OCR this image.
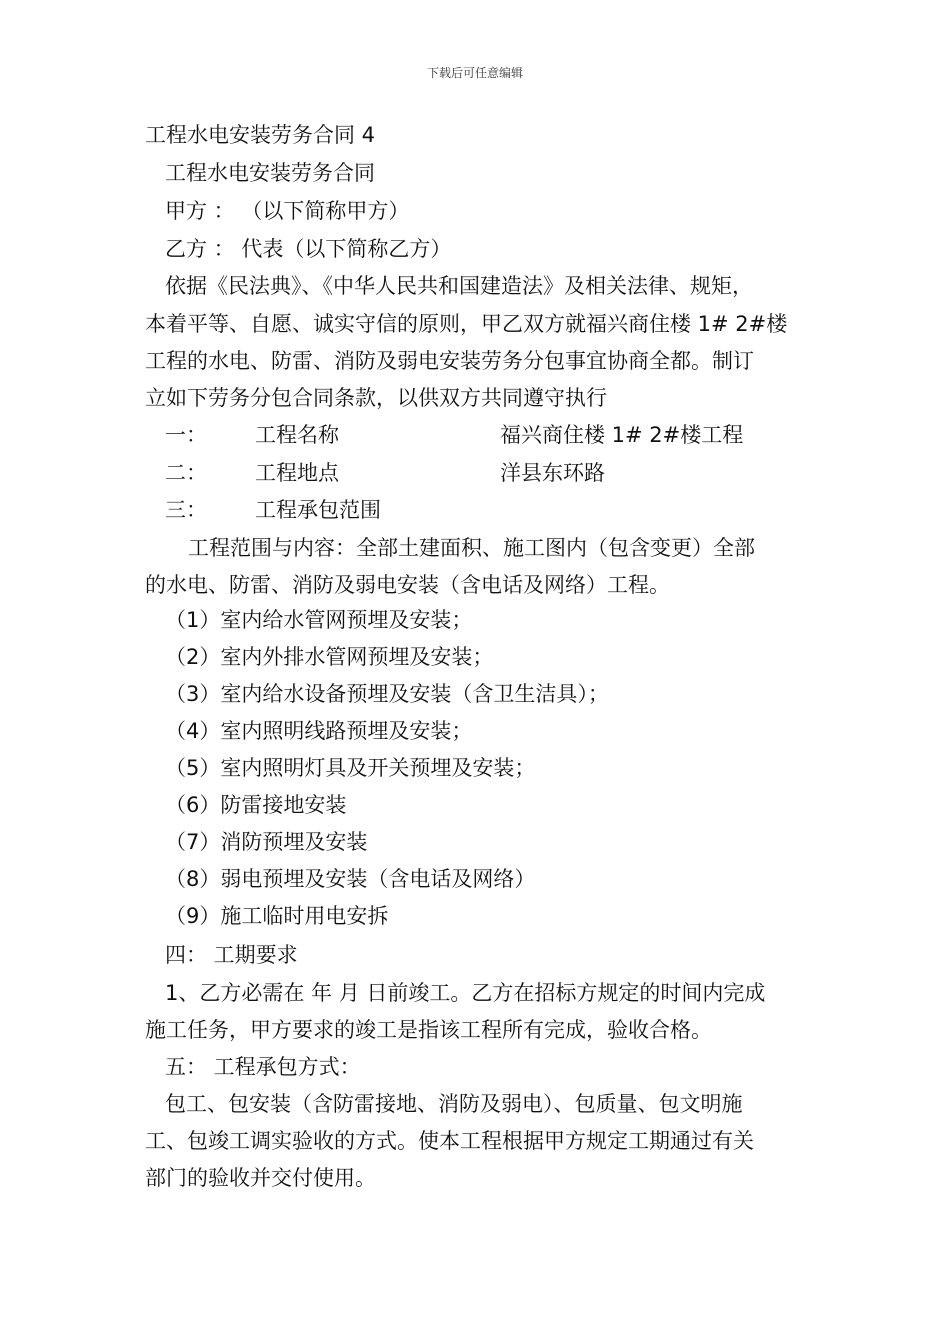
下载后可任意编辑
工程水电安装劳务合同 4
工程水电安装劳务合同
甲方 ： （以下简称甲方）
乙方 ： 代表（以下简称乙方）
依据《民法典》、《中华人民共和国建造法》及相关法律、规矩，
本着平等、自愿、诚实守信的原则，甲乙双方就福兴商住楼 1# 2#楼
工程的水电、防雷、消防及弱电安装劳务分包事宜协商全都。制订
立如下劳务分包合同条款，以供双方共同遵守执行
一： 工程名称	福兴商住楼 1# 2#楼工程
二： 工程地点	洋县东环路
三： 工程承包范围
工程范围与内容：全部土建面积、施工图内（包含变更）全部
的水电、防雷、消防及弱电安装（含电话及网络）工程。
（1）室内给水管网预埋及安装；
（2）室内外排水管网预埋及安装；
（3）室内给水设备预埋及安装（含卫生洁具）；
（4）室内照明线路预埋及安装；
（5）室内照明灯具及开关预埋及安装；
（6）防雷接地安装
（7）消防预埋及安装
（8）弱电预埋及安装（含电话及网络）
（9）施工临时用电安拆
四： 工期要求
1、乙方必需在 年 月 日前竣工。乙方在招标方规定的时间内完成
施工任务，甲方要求的竣工是指该工程所有完成，验收合格。
五： 工程承包方式：
包工、包安装（含防雷接地、消防及弱电）、包质量、包文明施
工、包竣工调实验收的方式。使本工程根据甲方规定工期通过有关
部门的验收并交付使用。
